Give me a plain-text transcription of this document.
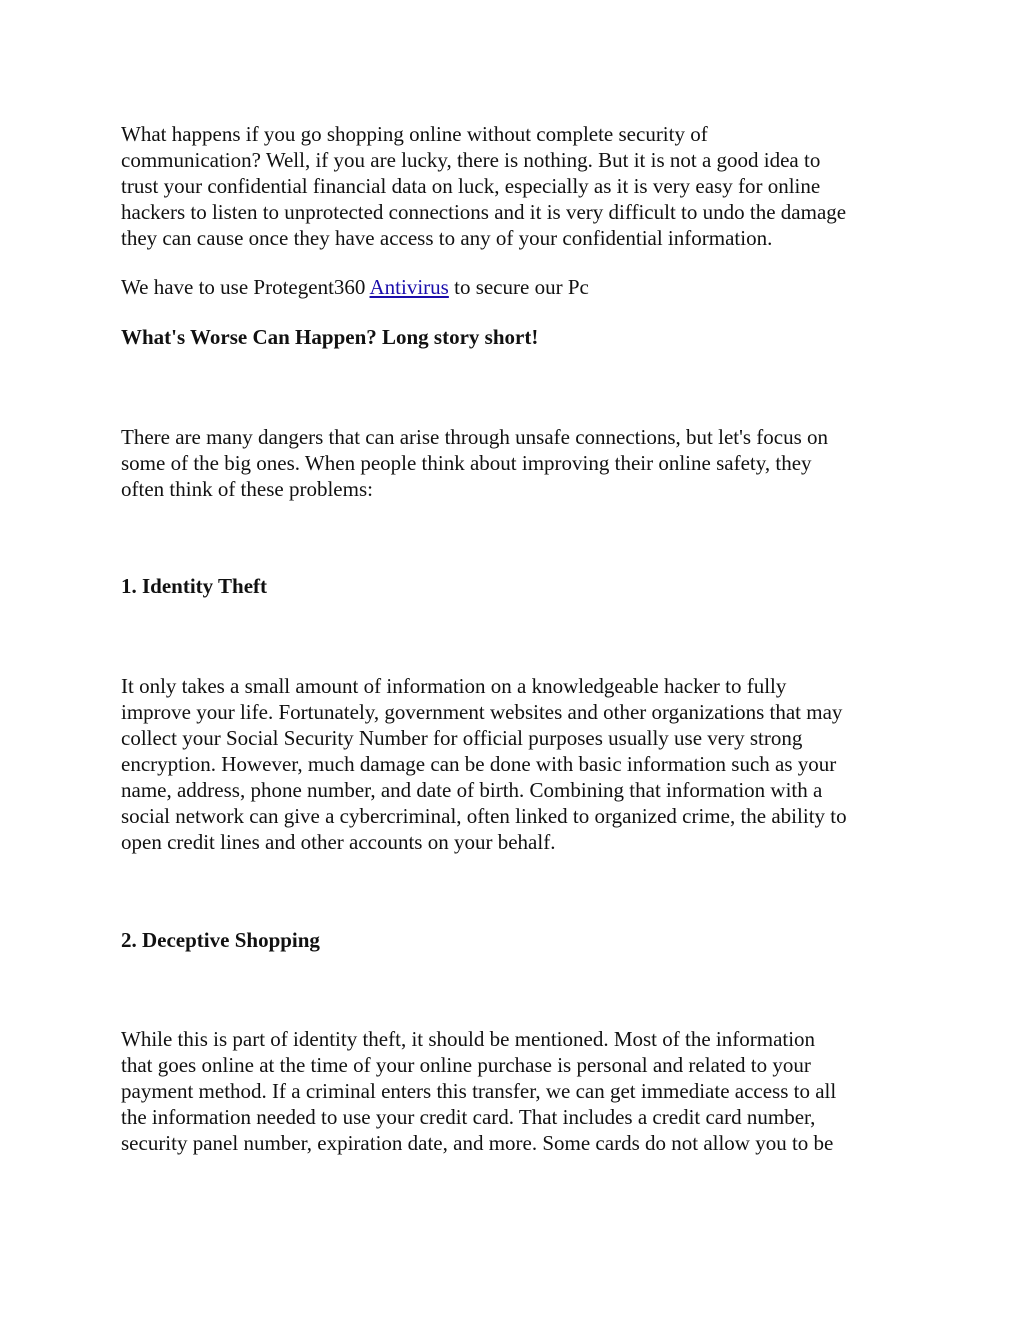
What happens if you go shopping online without complete security of
communication? Well, if you are lucky, there is nothing. But it is not a good idea to
trust your confidential financial data on luck, especially as it is very easy for online
hackers to listen to unprotected connections and it is very difficult to undo the damage
they can cause once they have access to any of your confidential information.

We have to use Protegent360 Antivirus to secure our Pc

What's Worse Can Happen? Long story short!

There are many dangers that can arise through unsafe connections, but let's focus on
some of the big ones. When people think about improving their online safety, they
often think of these problems:

1. Identity Theft

It only takes a small amount of information on a knowledgeable hacker to fully
improve your life. Fortunately, government websites and other organizations that may
collect your Social Security Number for official purposes usually use very strong
encryption. However, much damage can be done with basic information such as your
name, address, phone number, and date of birth. Combining that information with a
social network can give a cybercriminal, often linked to organized crime, the ability to
open credit lines and other accounts on your behalf.

2. Deceptive Shopping

While this is part of identity theft, it should be mentioned. Most of the information
that goes online at the time of your online purchase is personal and related to your
payment method. If a criminal enters this transfer, we can get immediate access to all
the information needed to use your credit card. That includes a credit card number,
security panel number, expiration date, and more. Some cards do not allow you to be
